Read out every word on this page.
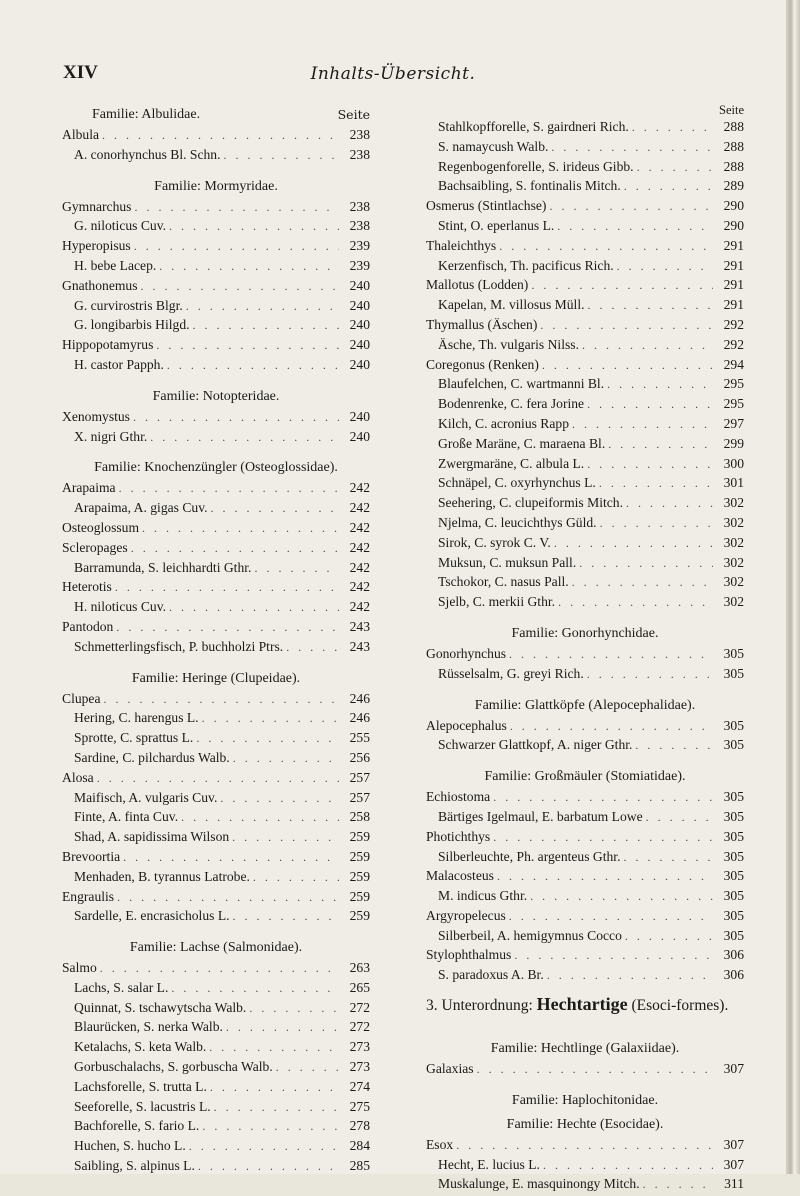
XIV	Inhalts-Übersicht.
Familie: Albulidae.	Seite
Albula . . .	238
A. conorhynchus Bl. Schn. . . .	238
Familie: Mormyridae.
Gymnarchus . . .	238
G. niloticus Cuv. . . .	238
Hyperopisus . . .	239
H. bebe Lacep. . . .	239
Gnathonemus . . .	240
G. curvirostris Blgr. . . .	240
G. longibarbis Hilgd. . . .	240
Hippopotamyrus . . .	240
H. castor Papph. . . .	240
Familie: Notopteridae.
Xenomystus . . .	240
X. nigri Gthr. . . .	240
Familie: Knochenzüngler (Osteoglossidae).
Arapaima . . .	242
Arapaima, A. gigas Cuv. . . .	242
Osteoglossum . . .	242
Scleropages . . .	242
Barramunda, S. leichhardti Gthr. . . .	242
Heterotis . . .	242
H. niloticus Cuv. . . .	242
Pantodon . . .	243
Schmetterlingsfisch, P. buchholzi Ptrs. . . .	243
Familie: Heringe (Clupeidae).
Clupea . . .	246
Hering, C. harengus L. . . .	246
Sprotte, C. sprattus L. . . .	255
Sardine, C. pilchardus Walb. . . .	256
Alosa . . .	257
Maifisch, A. vulgaris Cuv. . . .	257
Finte, A. finta Cuv. . . .	258
Shad, A. sapidissima Wilson . . .	259
Brevoortia . . .	259
Menhaden, B. tyrannus Latrobe. . . .	259
Engraulis . . .	259
Sardelle, E. encrasicholus L. . . .	259
Familie: Lachse (Salmonidae).
Salmo . . .	263
Lachs, S. salar L. . . .	265
Quinnat, S. tschawytscha Walb. . . .	272
Blaurücken, S. nerka Walb. . . .	272
Ketalachs, S. keta Walb. . . .	273
Gorbuschalachs, S. gorbuscha Walb. . . .	273
Lachsforelle, S. trutta L. . . .	274
Seeforelle, S. lacustris L. . . .	275
Bachforelle, S. fario L. . . .	278
Huchen, S. hucho L. . . .	284
Saibling, S. alpinus L. . . .	285
Seite
Stahlkopfforelle, S. gairdneri Rich. . . .	288
S. namaycush Walb. . . .	288
Regenbogenforelle, S. irideus Gibb. . . .	288
Bachsaibling, S. fontinalis Mitch. . . .	289
Osmerus (Stintlachse) . . .	290
Stint, O. eperlanus L. . . .	290
Thaleichthys . . .	291
Kerzenfisch, Th. pacificus Rich. . . .	291
Mallotus (Lodden) . . .	291
Kapelan, M. villosus Müll. . . .	291
Thymallus (Äschen) . . .	292
Äsche, Th. vulgaris Nilss. . . .	292
Coregonus (Renken) . . .	294
Blaufelchen, C. wartmanni Bl. . . .	295
Bodenrenke, C. fera Jorine . . .	295
Kilch, C. acronius Rapp . . .	297
Große Maräne, C. maraena Bl. . . .	299
Zwergmaräne, C. albula L. . . .	300
Schnäpel, C. oxyrhynchus L. . . .	301
Seehering, C. clupeiformis Mitch. . . .	302
Njelma, C. leucichthys Güld. . . .	302
Sirok, C. syrok C. V. . . .	302
Muksun, C. muksun Pall. . . .	302
Tschokor, C. nasus Pall. . . .	302
Sjelb, C. merkii Gthr. . . .	302
Familie: Gonorhynchidae.
Gonorhynchus . . .	305
Rüsselsalm, G. greyi Rich. . . .	305
Familie: Glattköpfe (Alepocephalidae).
Alepocephalus . . .	305
Schwarzer Glattkopf, A. niger Gthr. . . .	305
Familie: Großmäuler (Stomiatidae).
Echiostoma . . .	305
Bärtiges Igelmaul, E. barbatum Lowe . . .	305
Photichthys . . .	305
Silberleuchte, Ph. argenteus Gthr. . . .	305
Malacosteus . . .	305
M. indicus Gthr. . . .	305
Argyropelecus . . .	305
Silberbeil, A. hemigymnus Cocco . . .	305
Stylophthalmus . . .	306
S. paradoxus A. Br. . . .	306
3. Unterordnung: Hechtartige (Esoci-formes).
Familie: Hechtlinge (Galaxiidae).
Galaxias . . .	307
Familie: Haplochitonidae.
Familie: Hechte (Esocidae).
Esox . . .	307
Hecht, E. lucius L. . . .	307
Muskalunge, E. masquinongy Mitch. . . .	311
